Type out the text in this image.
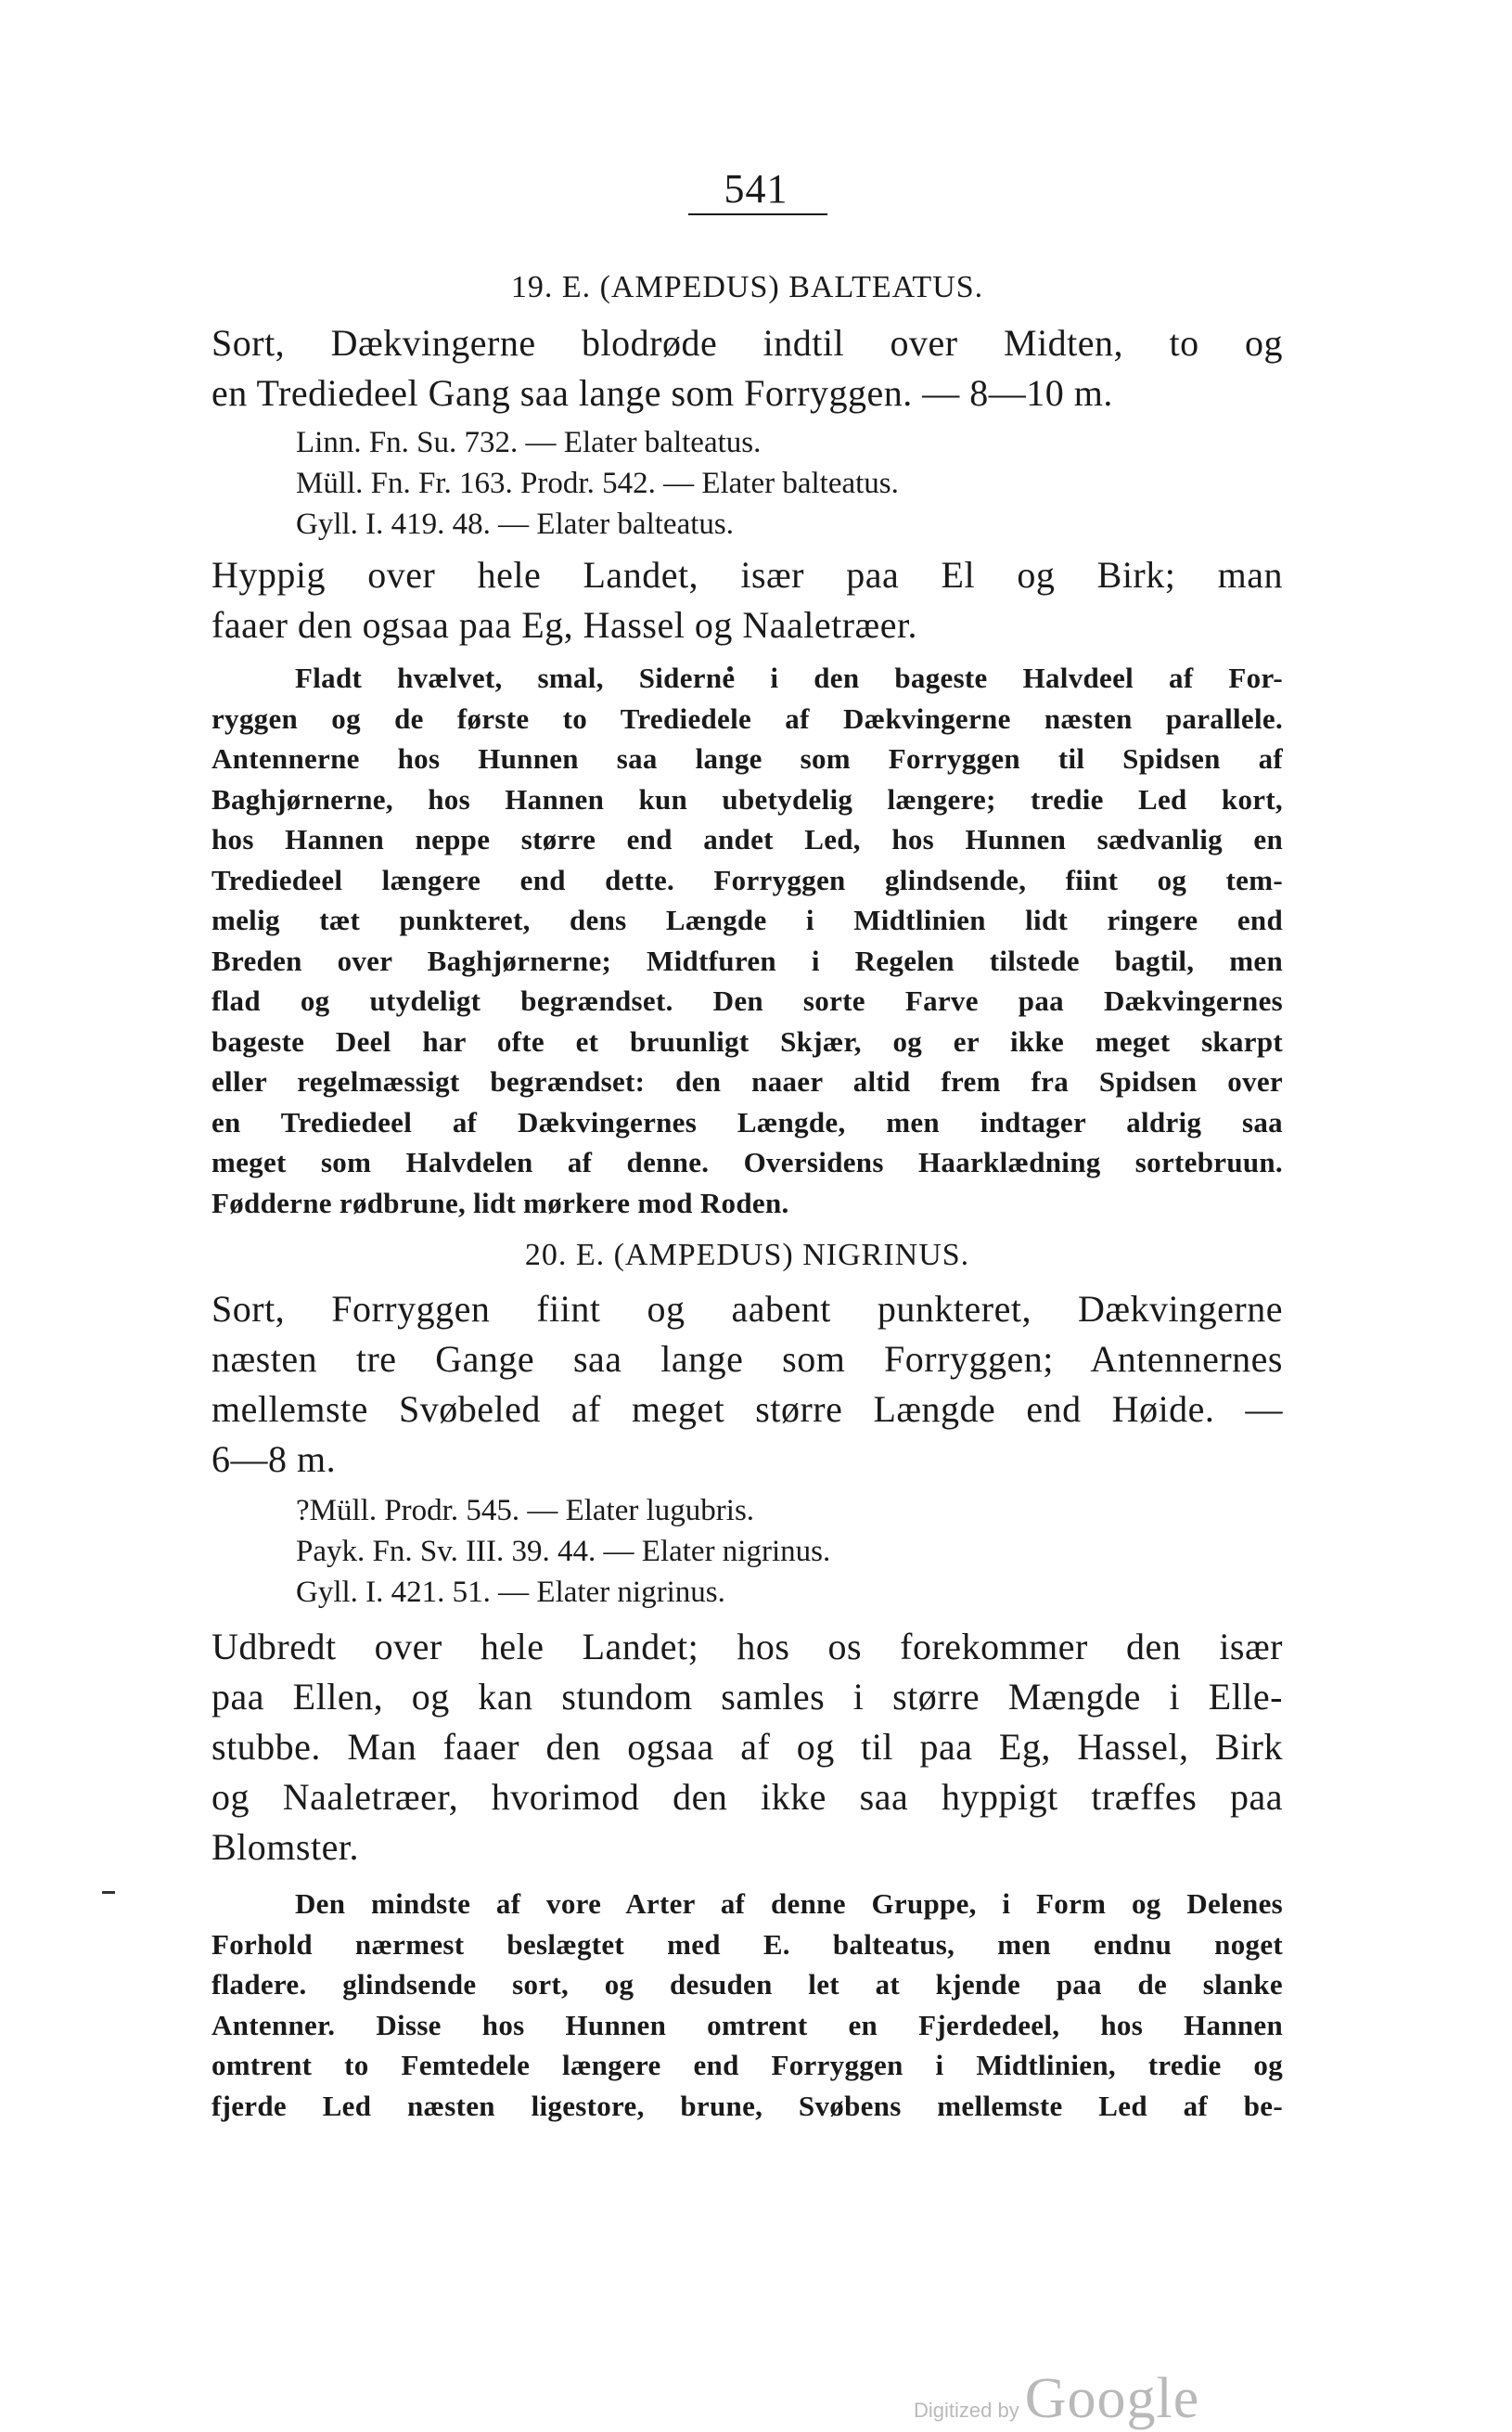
541

19. E. (AMPEDUS) BALTEATUS.

Sort, Dækvingerne blodrøde indtil over Midten, to og

en Trediedeel Gang saa lange som Forryggen. — 8—10 m.

Linn. Fn. Su. 732. — Elater balteatus.

Müll. Fn. Fr. 163. Prodr. 542. — Elater balteatus.

Gyll. I. 419. 48. — Elater balteatus.

Hyppig over hele Landet, især paa El og Birk; man

faaer den ogsaa paa Eg, Hassel og Naaletræer.

Fladt hvælvet, smal, Siderne i den bageste Halvdeel af For-

ryggen og de første to Trediedele af Dækvingerne næsten parallele.

Antennerne hos Hunnen saa lange som Forryggen til Spidsen af

Baghjørnerne, hos Hannen kun ubetydelig længere; tredie Led kort,

hos Hannen neppe større end andet Led, hos Hunnen sædvanlig en

Trediedeel længere end dette. Forryggen glindsende, fiint og tem-

melig tæt punkteret, dens Længde i Midtlinien lidt ringere end

Breden over Baghjørnerne; Midtfuren i Regelen tilstede bagtil, men

flad og utydeligt begrændset. Den sorte Farve paa Dækvingernes

bageste Deel har ofte et bruunligt Skjær, og er ikke meget skarpt

eller regelmæssigt begrændset: den naaer altid frem fra Spidsen over

en Trediedeel af Dækvingernes Længde, men indtager aldrig saa

meget som Halvdelen af denne. Oversidens Haarklædning sortebruun.

Fødderne rødbrune, lidt mørkere mod Roden.

20. E. (AMPEDUS) NIGRINUS.

Sort, Forryggen fiint og aabent punkteret, Dækvingerne

næsten tre Gange saa lange som Forryggen; Antennernes

mellemste Svøbeled af meget større Længde end Høide. —

6—8 m.

?Müll. Prodr. 545. — Elater lugubris.

Payk. Fn. Sv. III. 39. 44. — Elater nigrinus.

Gyll. I. 421. 51. — Elater nigrinus.

Udbredt over hele Landet; hos os forekommer den især

paa Ellen, og kan stundom samles i større Mængde i Elle-

stubbe. Man faaer den ogsaa af og til paa Eg, Hassel, Birk

og Naaletræer, hvorimod den ikke saa hyppigt træffes paa

Blomster.

Den mindste af vore Arter af denne Gruppe, i Form og Delenes

Forhold nærmest beslægtet med E. balteatus, men endnu noget

fladere. glindsende sort, og desuden let at kjende paa de slanke

Antenner. Disse hos Hunnen omtrent en Fjerdedeel, hos Hannen

omtrent to Femtedele længere end Forryggen i Midtlinien, tredie og

fjerde Led næsten ligestore, brune, Svøbens mellemste Led af be-

Digitized by Google
